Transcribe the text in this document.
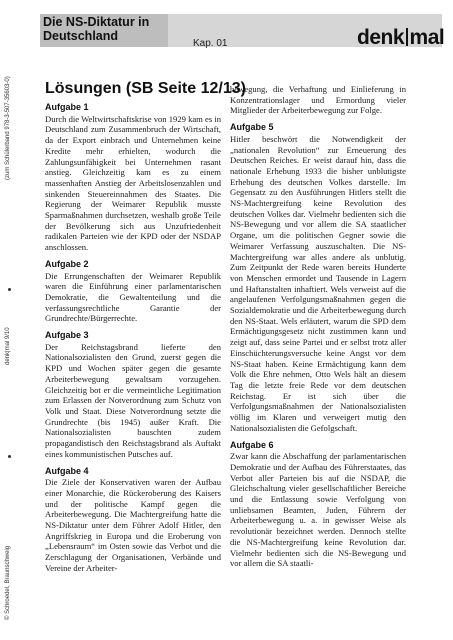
Die NS-Diktatur in Deutschland
Kap. 01	denk mal
(zum Schülerband 978-3-507-35603-0)
denk|mal 9/10
© Schroedel, Braunschweig
Lösungen (SB Seite 12/13)
Aufgabe 1

Durch die Weltwirtschaftskrise von 1929 kam es in Deutschland zum Zusammenbruch der Wirtschaft, da der Export einbrach und Unternehmen keine Kredite mehr erhielten, wodurch die Zahlungsunfähigkeit bei Unternehmen rasant anstieg. Gleichzeitig kam es zu einem massenhaften Anstieg der Arbeitslosenzahlen und sinkenden Steuereinnahmen des Staates. Die Regierung der Weimarer Republik musste Sparmaßnahmen durchsetzen, weshalb große Teile der Bevölkerung sich aus Unzufriedenheit radikalen Parteien wie der KPD oder der NSDAP anschlossen.

Aufgabe 2

Die Errungenschaften der Weimarer Republik waren die Einführung einer parlamentarischen Demokratie, die Gewaltenteilung und die verfassungsrechtliche Garantie der Grundrechte/Bürgerrechte.

Aufgabe 3

Der Reichstagsbrand lieferte den Nationalsozialisten den Grund, zuerst gegen die KPD und Wochen später gegen die gesamte Arbeiterbewegung gewaltsam vorzugehen. Gleichzeitig bot er die vermeintliche Legitimation zum Erlassen der Notverordnung zum Schutz von Volk und Staat. Diese Notverordnung setzte die Grundrechte (bis 1945) außer Kraft. Die Nationalsozialisten bauschten zudem propagandistisch den Reichstagsbrand als Auftakt eines kommunistischen Putsches auf.

Aufgabe 4

Die Ziele der Konservativen waren der Aufbau einer Monarchie, die Rückeroberung des Kaisers und der politische Kampf gegen die Arbeiterbewegung. Die Machtergreifung hatte die NS-Diktatur unter dem Führer Adolf Hitler, den Angriffskrieg in Europa und die Eroberung von „Lebensraum“ im Osten sowie das Verbot und die Zerschlagung der Organisationen, Verbände und Vereine der Arbeiter-

bewegung, die Verhaftung und Einlieferung in Konzentrationslager und Ermordung vieler Mitglieder der Arbeiterbewegung zur Folge.

Aufgabe 5

Hitler beschwört die Notwendigkeit der „nationalen Revolution“ zur Erneuerung des Deutschen Reiches. Er weist darauf hin, dass die nationale Erhebung 1933 die bisher unblutigste Erhebung des deutschen Volkes darstelle. Im Gegensatz zu den Ausführungen Hitlers stellt die NS-Machtergreifung keine Revolution des deutschen Volkes dar. Vielmehr bedienten sich die NS-Bewegung und vor allem die SA staatlicher Organe, um die politischen Gegner sowie die Weimarer Verfassung auszuschalten. Die NS-Machtergreifung war alles andere als unblutig. Zum Zeitpunkt der Rede waren bereits Hunderte von Menschen ermordet und Tausende in Lagern und Haftanstalten inhaftiert. Wels verweist auf die angelaufenen Verfolgungsmaßnahmen gegen die Sozialdemokratie und die Arbeiterbewegung durch den NS-Staat. Wels erläutert, warum die SPD dem Ermächtigungsgesetz nicht zustimmen kann und zeigt auf, dass seine Partei und er selbst trotz aller Einschüchterungsversuche keine Angst vor dem NS-Staat haben. Keine Ermächtigung kann dem Volk die Ehre nehmen, Otto Wels hält an diesem Tag die letzte freie Rede vor dem deutschen Reichstag. Er ist sich über die Verfolgungsmaßnahmen der Nationalsozialisten völlig im Klaren und verweigert mutig den Nationalsozialisten die Gefolgschaft.

Aufgabe 6

Zwar kann die Abschaffung der parlamentarischen Demokratie und der Aufbau des Führerstaates, das Verbot aller Parteien bis auf die NSDAP, die Gleichschaltung vieler gesellschaftlicher Bereiche und die Entlassung sowie Verfolgung von unliebsamen Beamten, Juden, Führern der Arbeiterbewegung u. a. in gewisser Weise als revolutionär bezeichnet werden. Dennoch stellte die NS-Machtergreifung keine Revolution dar. Vielmehr bedienten sich die NS-Bewegung und vor allem die SA staatli-
